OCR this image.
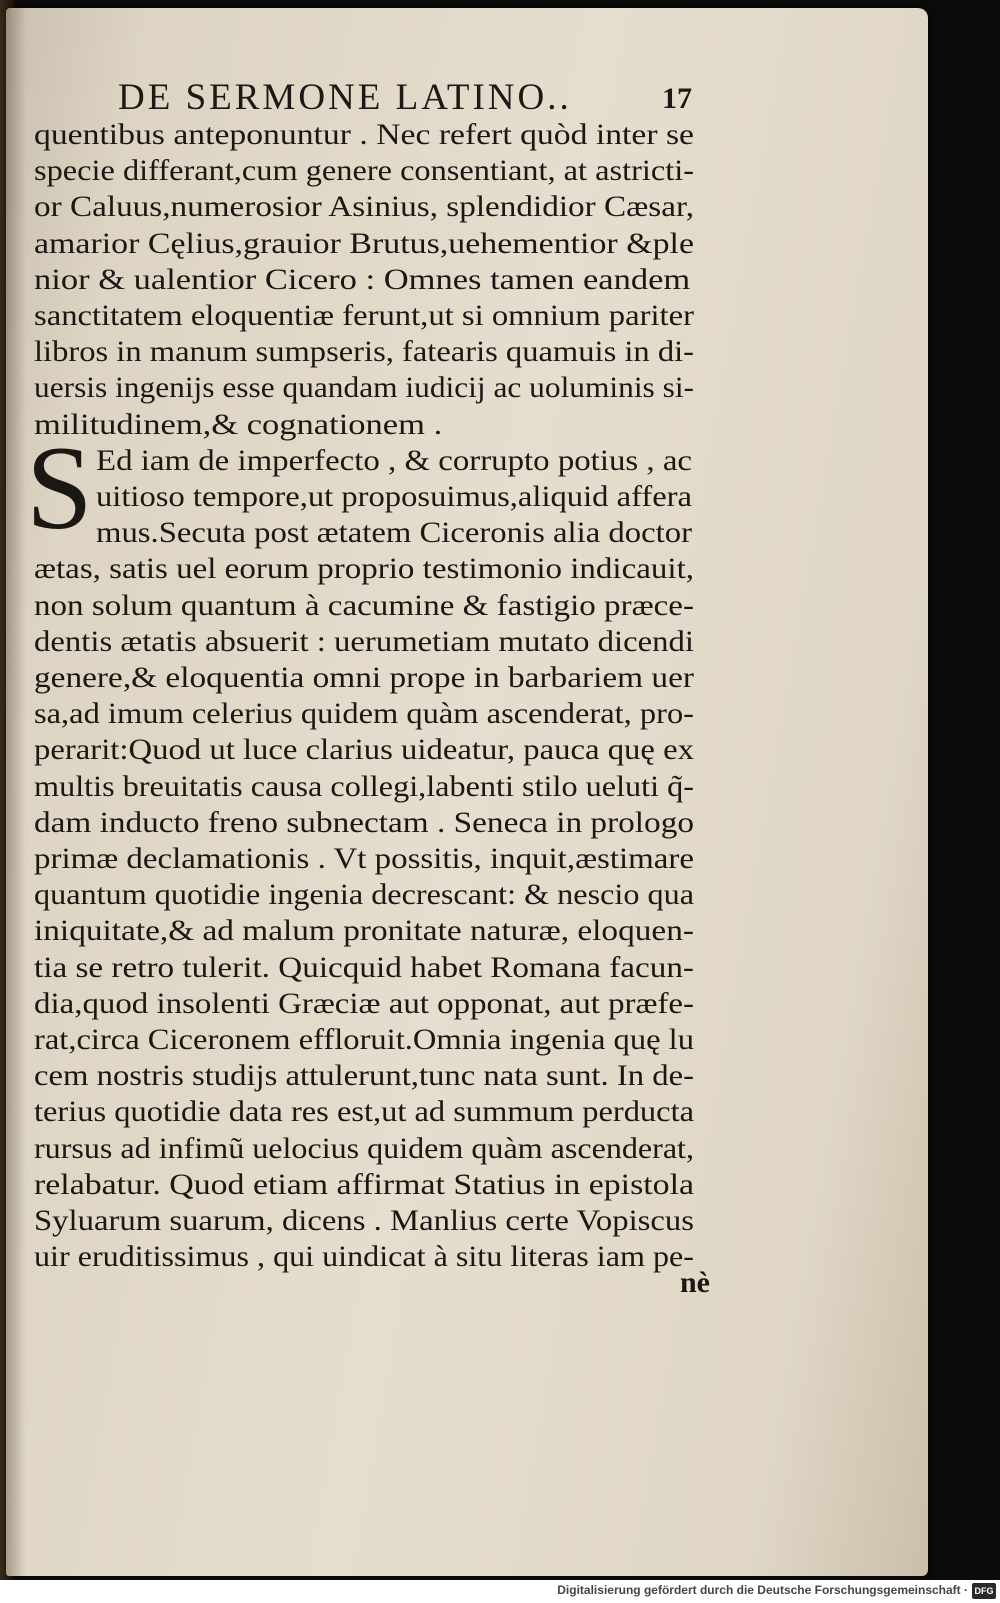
DE SERMONE LATINO..	17
S
quentibus anteponuntur . Nec refert quòd inter se
specie differant,cum genere consentiant, at astricti-
or Caluus,numerosior Asinius, splendidior Cæsar,
amarior Cęlius,grauior Brutus,uehementior &ple
nior & ualentior Cicero : Omnes tamen eandem
sanctitatem eloquentiæ ferunt,ut si omnium pariter
libros in manum sumpseris, fatearis quamuis in di-
uersis ingenijs esse quandam iudicij ac uoluminis si-
militudinem,& cognationem .
Ed iam de imperfecto , & corrupto potius , ac
uitioso tempore,ut proposuimus,aliquid afferа
mus.Secuta post ætatem Ciceronis alia doctor
ætas, satis uel eorum proprio testimonio indicauit,
non solum quantum à cacumine & fastigio præce-
dentis ætatis absuerit : uerumetiam mutato dicendi
genere,& eloquentia omni prope in barbariem uer
sa,ad imum celerius quidem quàm ascenderat, pro-
perarit:Quod ut luce clarius uideatur, pauca quę ex
multis breuitatis causa collegi,labenti stilo ueluti q̃-
dam inducto freno subnectam . Seneca in prologo
primæ declamationis . Vt possitis, inquit,æstimare
quantum quotidie ingenia decrescant: & nescio qua
iniquitate,& ad malum pronitate naturæ, eloquen-
tia se retro tulerit. Quicquid habet Romana facun-
dia,quod insolenti Græciæ aut opponat, aut præfe-
rat,circa Ciceronem effloruit.Omnia ingenia quę lu
cem nostris studijs attulerunt,tunc nata sunt. In de-
terius quotidie data res est,ut ad summum perducta
rursus ad infimũ uelocius quidem quàm ascenderat,
relabatur. Quod etiam affirmat Statius in epistola
Syluarum suarum, dicens . Manlius certe Vopiscus
uir eruditissimus , qui uindicat à situ literas iam pe-
nè
Digitalisierung gefördert durch die Deutsche Forschungsgemeinschaft · DFG
